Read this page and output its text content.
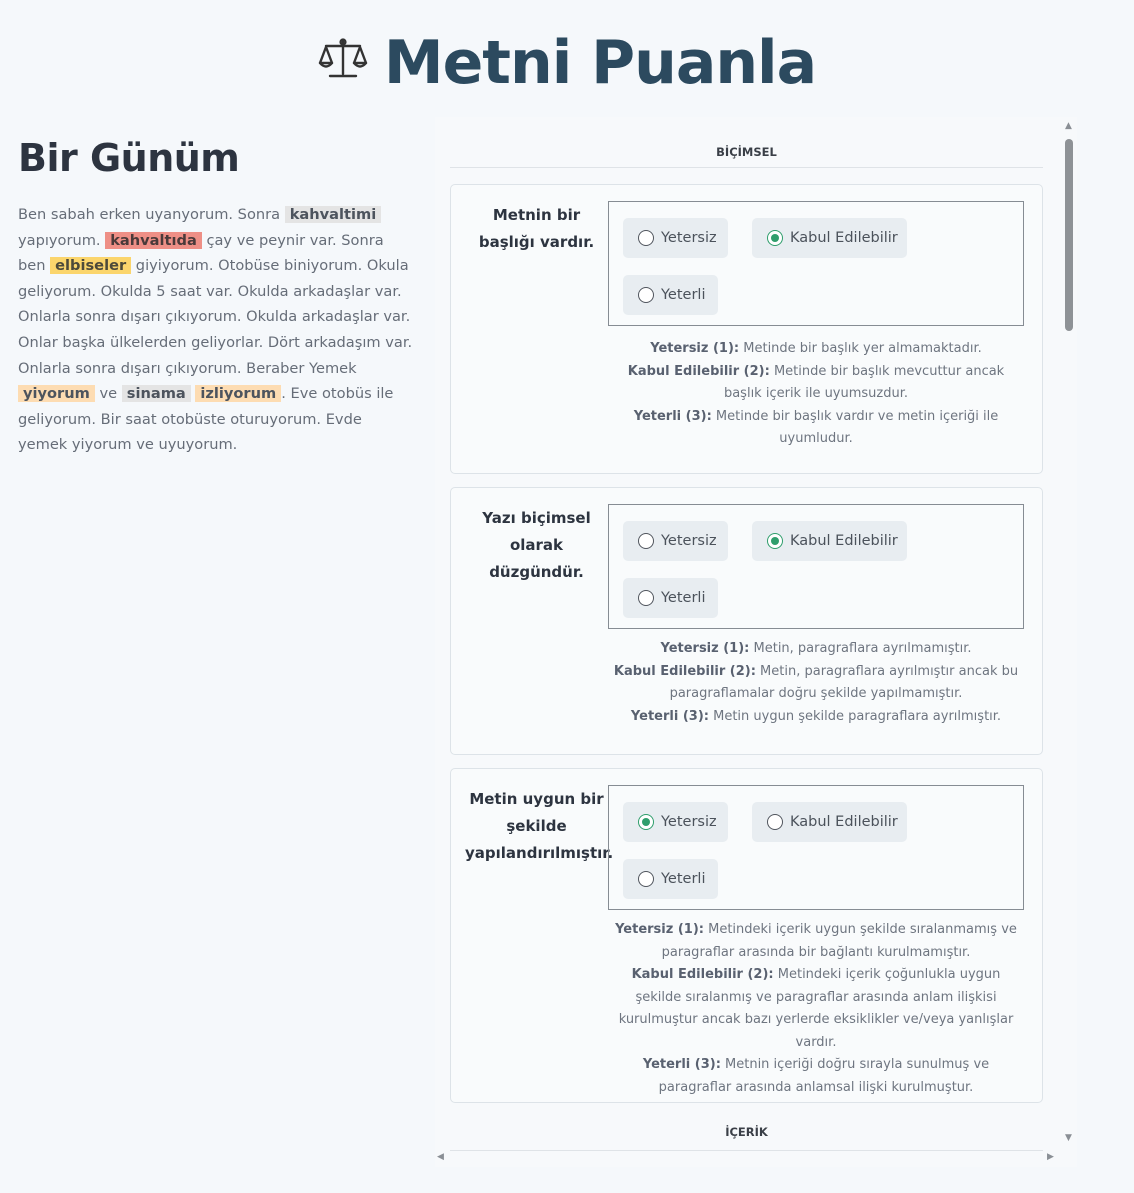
Metni Puanla
Bir Günüm
Ben sabah erken uyanyorum. Sonra kahvaltimi yapıyorum. kahvaltıda çay ve peynir var. Sonra ben elbiseler giyiyorum. Otobüse biniyorum. Okula geliyorum. Okulda 5 saat var. Okulda arkadaşlar var. Onlarla sonra dışarı çıkıyorum. Okulda arkadaşlar var. Onlar başka ülkelerden geliyorlar. Dört arkadaşım var. Onlarla sonra dışarı çıkıyorum. Beraber Yemek yiyorum ve sinama izliyorum . Eve otobüs ile geliyorum. Bir saat otobüste oturuyorum. Evde yemek yiyorum ve uyuyorum.
BİÇİMSEL
Metnin bir başlığı vardır.	Yetersiz	Kabul Edilebilir
Yeterli
Yetersiz (1): Metinde bir başlık yer almamaktadır.
Kabul Edilebilir (2): Metinde bir başlık mevcuttur ancak başlık içerik ile uyumsuzdur.
Yeterli (3): Metinde bir başlık vardır ve metin içeriği ile uyumludur.
Yazı biçimsel olarak düzgündür.
Yetersiz	Kabul Edilebilir
Yeterli
Yetersiz (1): Metin, paragraflara ayrılmamıştır.
Kabul Edilebilir (2): Metin, paragraflara ayrılmıştır ancak bu paragraflamalar doğru şekilde yapılmamıştır.
Yeterli (3): Metin uygun şekilde paragraflara ayrılmıştır.
Metin uygun bir şekilde yapılandırılmıştır.
Yetersiz	Kabul Edilebilir
Yeterli
Yetersiz (1): Metindeki içerik uygun şekilde sıralanmamış ve paragraflar arasında bir bağlantı kurulmamıştır.
Kabul Edilebilir (2): Metindeki içerik çoğunlukla uygun şekilde sıralanmış ve paragraflar arasında anlam ilişkisi kurulmuştur ancak bazı yerlerde eksiklikler ve/veya yanlışlar vardır.
Yeterli (3): Metnin içeriği doğru sırayla sunulmuş ve paragraflar arasında anlamsal ilişki kurulmuştur.
İÇERİK
▲
▼
◀	▶
